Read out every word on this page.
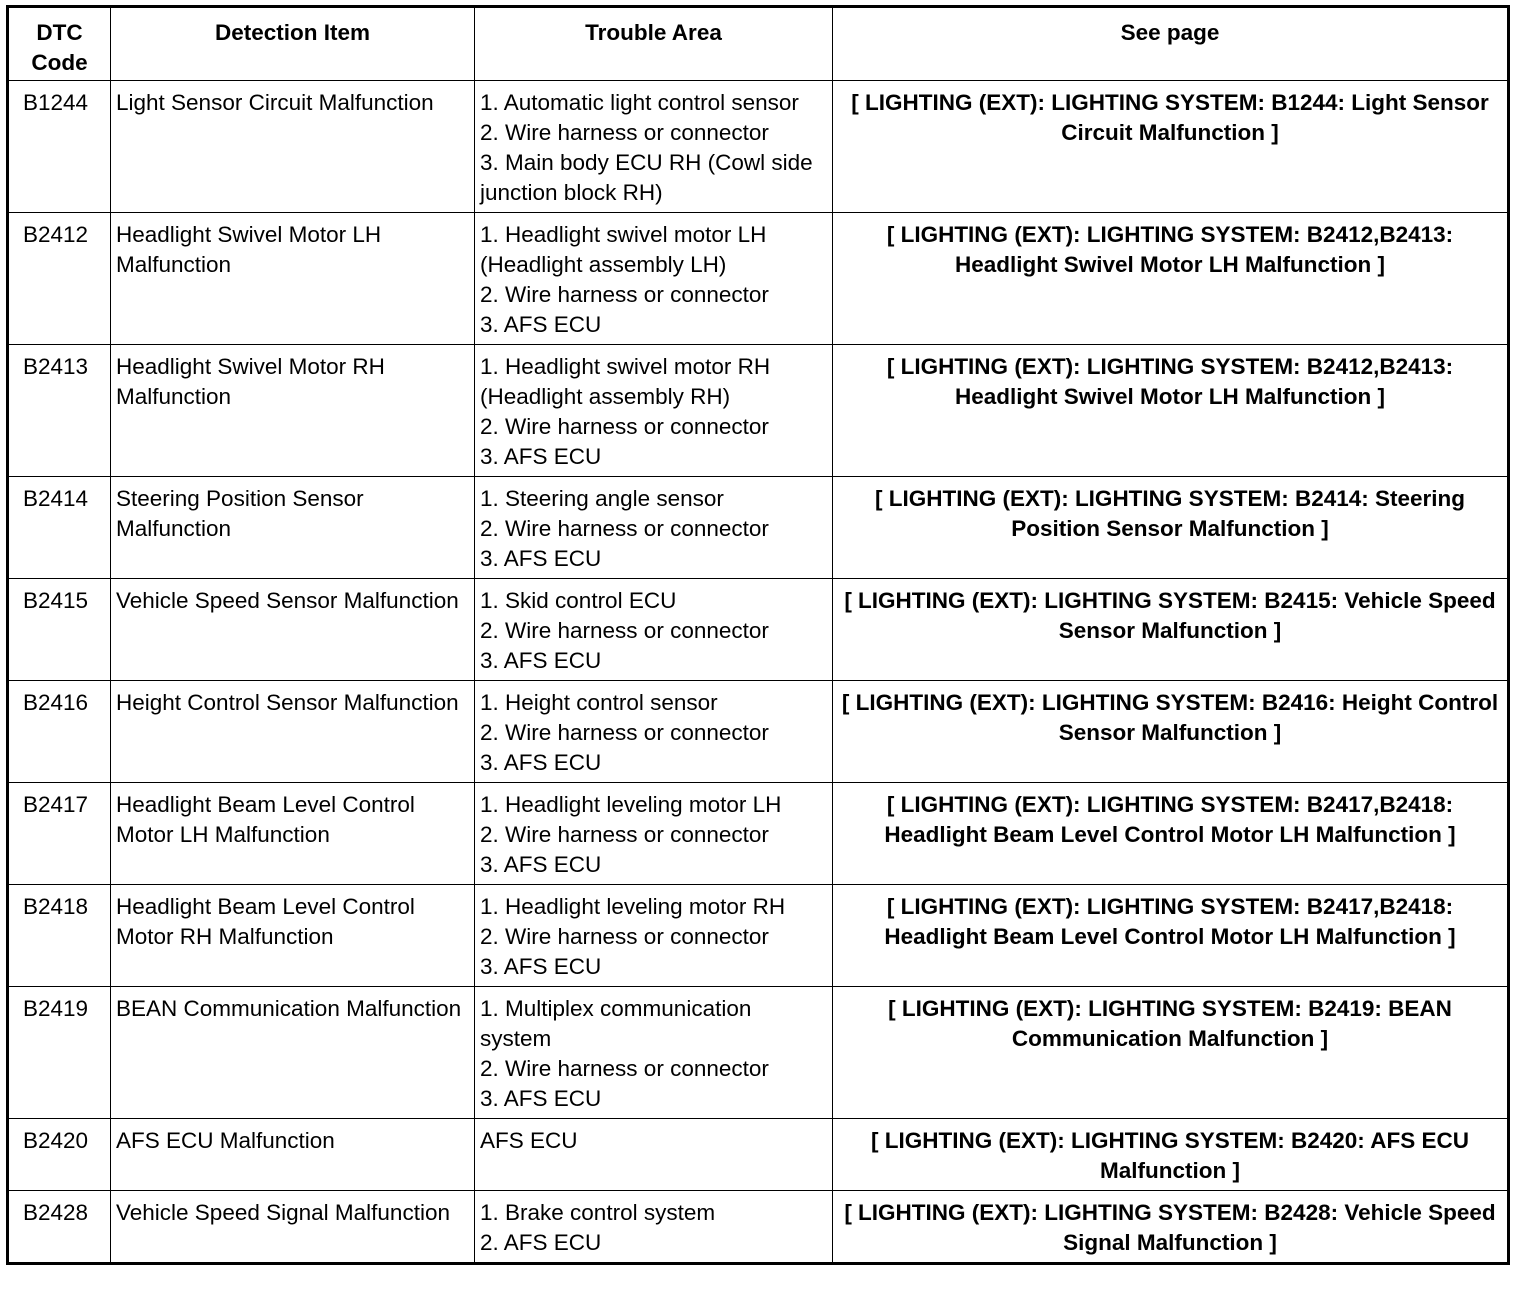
DTC Code	Detection Item	Trouble Area	See page
B1244	Light Sensor Circuit Malfunction	1. Automatic light control sensor
2. Wire harness or connector
3. Main body ECU RH (Cowl side junction block RH)	[ LIGHTING (EXT): LIGHTING SYSTEM: B1244: Light Sensor Circuit Malfunction ]
B2412	Headlight Swivel Motor LH Malfunction	1. Headlight swivel motor LH (Headlight assembly LH)
2. Wire harness or connector
3. AFS ECU	[ LIGHTING (EXT): LIGHTING SYSTEM: B2412,B2413: Headlight Swivel Motor LH Malfunction ]
B2413	Headlight Swivel Motor RH Malfunction	1. Headlight swivel motor RH (Headlight assembly RH)
2. Wire harness or connector
3. AFS ECU	[ LIGHTING (EXT): LIGHTING SYSTEM: B2412,B2413: Headlight Swivel Motor LH Malfunction ]
B2414	Steering Position Sensor Malfunction	1. Steering angle sensor
2. Wire harness or connector
3. AFS ECU	[ LIGHTING (EXT): LIGHTING SYSTEM: B2414: Steering Position Sensor Malfunction ]
B2415	Vehicle Speed Sensor Malfunction	1. Skid control ECU
2. Wire harness or connector
3. AFS ECU	[ LIGHTING (EXT): LIGHTING SYSTEM: B2415: Vehicle Speed Sensor Malfunction ]
B2416	Height Control Sensor Malfunction	1. Height control sensor
2. Wire harness or connector
3. AFS ECU	[ LIGHTING (EXT): LIGHTING SYSTEM: B2416: Height Control Sensor Malfunction ]
B2417	Headlight Beam Level Control Motor LH Malfunction	1. Headlight leveling motor LH
2. Wire harness or connector
3. AFS ECU	[ LIGHTING (EXT): LIGHTING SYSTEM: B2417,B2418: Headlight Beam Level Control Motor LH Malfunction ]
B2418	Headlight Beam Level Control Motor RH Malfunction	1. Headlight leveling motor RH
2. Wire harness or connector
3. AFS ECU	[ LIGHTING (EXT): LIGHTING SYSTEM: B2417,B2418: Headlight Beam Level Control Motor LH Malfunction ]
B2419	BEAN Communication Malfunction	1. Multiplex communication system
2. Wire harness or connector
3. AFS ECU	[ LIGHTING (EXT): LIGHTING SYSTEM: B2419: BEAN Communication Malfunction ]
B2420	AFS ECU Malfunction	AFS ECU	[ LIGHTING (EXT): LIGHTING SYSTEM: B2420: AFS ECU Malfunction ]
B2428	Vehicle Speed Signal Malfunction	1. Brake control system
2. AFS ECU	[ LIGHTING (EXT): LIGHTING SYSTEM: B2428: Vehicle Speed Signal Malfunction ]
